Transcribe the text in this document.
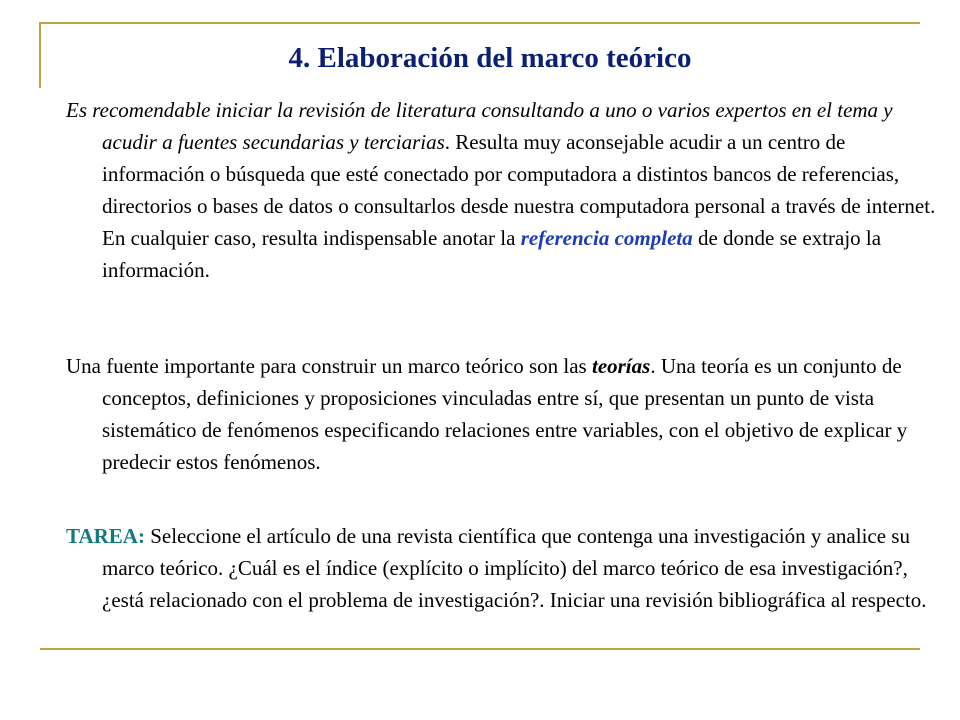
4. Elaboración del marco teórico

Es recomendable iniciar la revisión de literatura consultando a uno o varios expertos en el tema y acudir a fuentes secundarias y terciarias. Resulta muy aconsejable acudir a un centro de información o búsqueda que esté conectado por computadora a distintos bancos de referencias, directorios o bases de datos o consultarlos desde nuestra computadora personal a través de internet. En cualquier caso, resulta indispensable anotar la referencia completa de donde se extrajo la información.

Una fuente importante para construir un marco teórico son las teorías. Una teoría es un conjunto de conceptos, definiciones y proposiciones vinculadas entre sí, que presentan un punto de vista sistemático de fenómenos especificando relaciones entre variables, con el objetivo de explicar y predecir estos fenómenos.

TAREA: Seleccione el artículo de una revista científica que contenga una investigación y analice su marco teórico. ¿Cuál es el índice (explícito o implícito) del marco teórico de esa investigación?, ¿está relacionado con el problema de investigación?. Iniciar una revisión bibliográfica al respecto.
